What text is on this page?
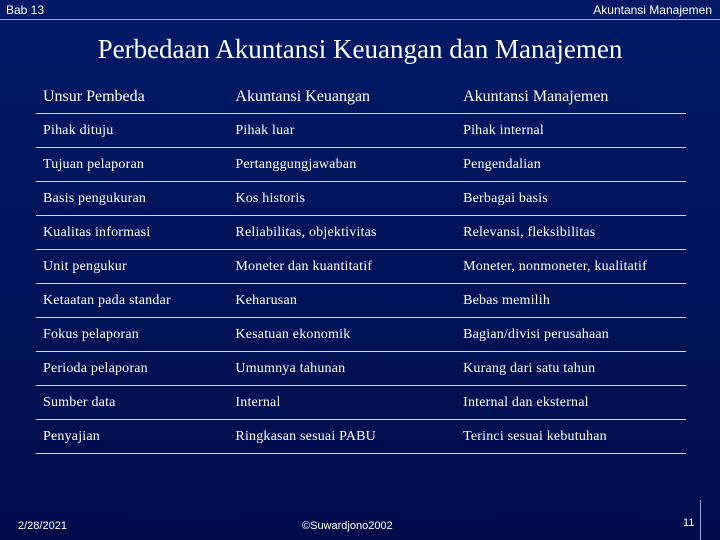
Bab 13	Akuntansi Manajemen
Perbedaan Akuntansi Keuangan dan Manajemen
Unsur Pembeda	Akuntansi Keuangan	Akuntansi Manajemen
Pihak dituju	Pihak luar	Pihak internal
Tujuan pelaporan	Pertanggungjawaban	Pengendalian
Basis pengukuran	Kos historis	Berbagai basis
Kualitas informasi	Reliabilitas, objektivitas	Relevansi, fleksibilitas
Unit pengukur	Moneter dan kuantitatif	Moneter, nonmoneter, kualitatif
Ketaatan pada standar	Keharusan	Bebas memilih
Fokus pelaporan	Kesatuan ekonomik	Bagian/divisi perusahaan
Perioda pelaporan	Umumnya tahunan	Kurang dari satu tahun
Sumber data	Internal	Internal dan eksternal
Penyajian	Ringkasan sesuai PABU	Terinci sesuai kebutuhan
2/28/2021	©Suwardjono2002	11
